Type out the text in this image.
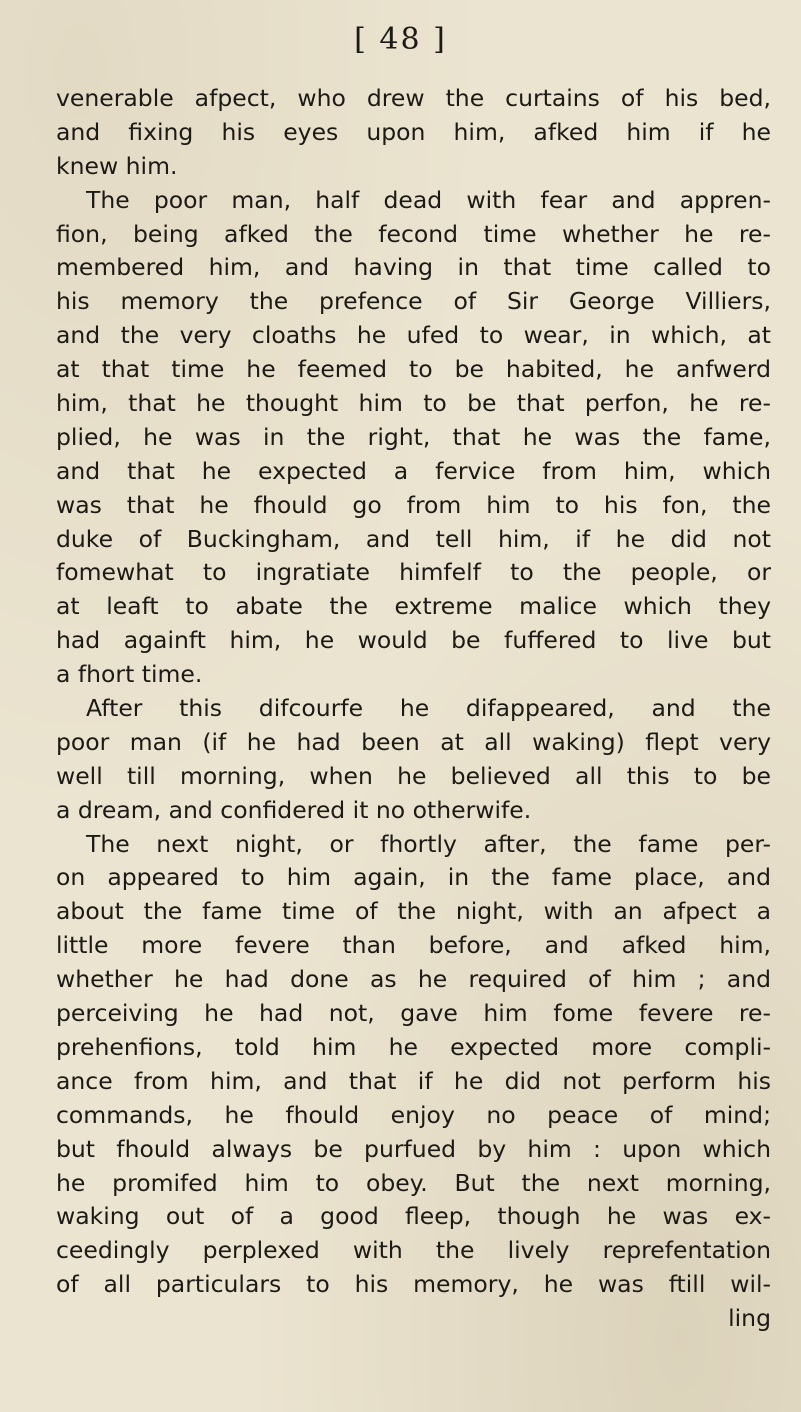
[ 48 ]
venerable afpect, who drew the curtains of his bed,
and fixing his eyes upon him, afked him if he
knew him.
The poor man, half dead with fear and appren-
fion, being afked the fecond time whether he re-
membered him, and having in that time called to
his memory the prefence of Sir George Villiers,
and the very cloaths he ufed to wear, in which, at
at that time he feemed to be habited, he anfwerd
him, that he thought him to be that perfon, he re-
plied, he was in the right, that he was the fame,
and that he expected a fervice from him, which
was that he fhould go from him to his fon, the
duke of Buckingham, and tell him, if he did not
fomewhat to ingratiate himfelf to the people, or
at leaft to abate the extreme malice which they
had againft him, he would be fuffered to live but
a fhort time.
After this difcourfe he difappeared, and the
poor man (if he had been at all waking) flept very
well till morning, when he believed all this to be
a dream, and confidered it no otherwife.
The next night, or fhortly after, the fame per-
on appeared to him again, in the fame place, and
about the fame time of the night, with an afpect a
little more fevere than before, and afked him,
whether he had done as he required of him ; and
perceiving he had not, gave him fome fevere re-
prehenfions, told him he expected more compli-
ance from him, and that if he did not perform his
commands, he fhould enjoy no peace of mind;
but fhould always be purfued by him : upon which
he promifed him to obey. But the next morning,
waking out of a good fleep, though he was ex-
ceedingly perplexed with the lively reprefentation
of all particulars to his memory, he was ftill wil-
ling
